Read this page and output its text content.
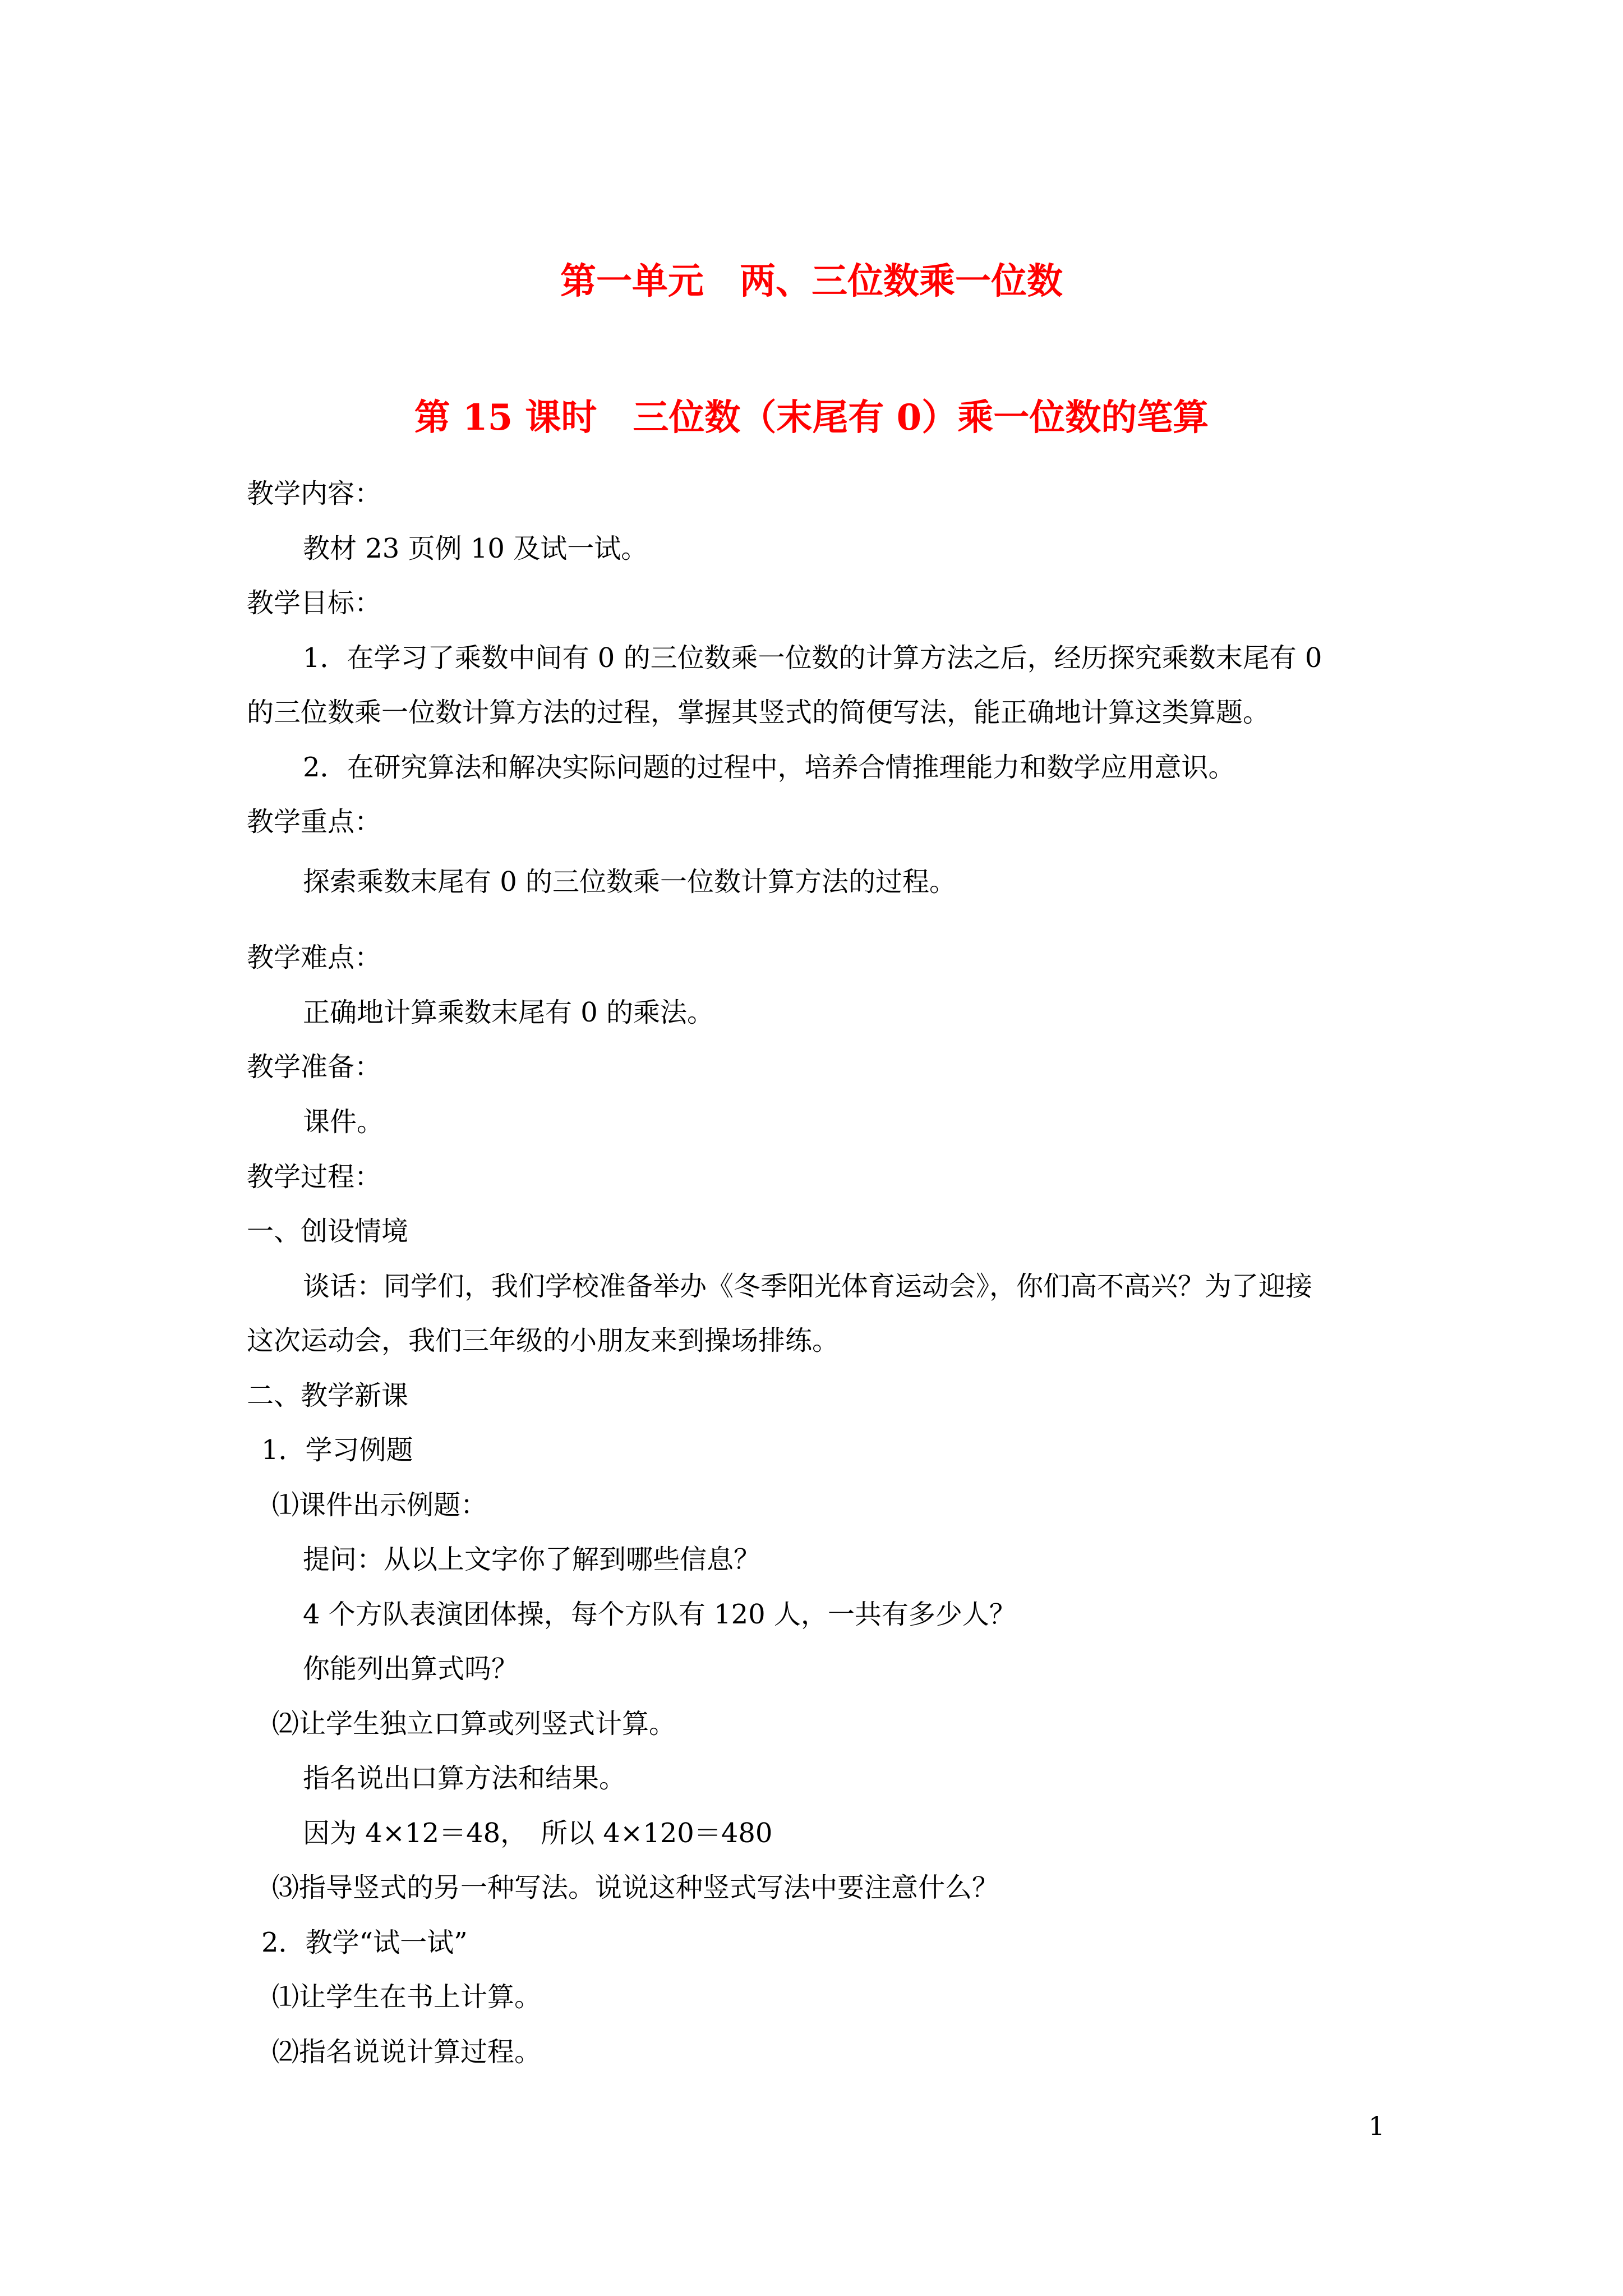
第一单元　两、三位数乘一位数
第 15 课时　三位数（末尾有 0）乘一位数的笔算
教学内容：
教材 23 页例 10 及试一试。
教学目标：
1．在学习了乘数中间有 0 的三位数乘一位数的计算方法之后，经历探究乘数末尾有 0
的三位数乘一位数计算方法的过程，掌握其竖式的简便写法，能正确地计算这类算题。
2．在研究算法和解决实际问题的过程中，培养合情推理能力和数学应用意识。
教学重点：
探索乘数末尾有 0 的三位数乘一位数计算方法的过程。
教学难点：
正确地计算乘数末尾有 0 的乘法。
教学准备：
课件。
教学过程：
一、创设情境
谈话：同学们，我们学校准备举办《冬季阳光体育运动会》，你们高不高兴？为了迎接
这次运动会，我们三年级的小朋友来到操场排练。
二、教学新课
1．学习例题
⑴课件出示例题：
提问：从以上文字你了解到哪些信息？
4 个方队表演团体操，每个方队有 120 人，一共有多少人？
你能列出算式吗？
⑵让学生独立口算或列竖式计算。
指名说出口算方法和结果。
因为 4×12＝48，　所以 4×120＝480
⑶指导竖式的另一种写法。说说这种竖式写法中要注意什么？
2．教学“试一试”
⑴让学生在书上计算。
⑵指名说说计算过程。
1
